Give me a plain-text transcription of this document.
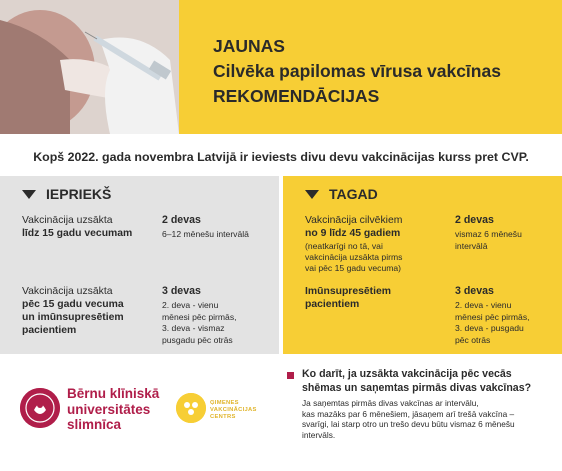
JAUNAS
Cilvēka papilomas vīrusa vakcīnas
REKOMENDĀCIJAS
Kopš 2022. gada novembra Latvijā ir ieviests divu devu vakcinācijas kurss pret CVP.
IEPRIEKŠ
Vakcinācija uzsākta
līdz 15 gadu vecumam
2 devas
6–12 mēnešu intervālā
Vakcinācija uzsākta
pēc 15 gadu vecuma
un imūnsupresētiem
pacientiem
3 devas
2. deva - vienu
mēnesi pēc pirmās,
3. deva - vismaz
pusgadu pēc otrās
TAGAD
Vakcinācija cilvēkiem
no 9 līdz 45 gadiem
(neatkarīgi no tā, vai
vakcinācija uzsākta pirms
vai pēc 15 gadu vecuma)
2 devas
vismaz 6 mēnešu
intervālā
Imūnsupresētiem
pacientiem
3 devas
2. deva - vienu
mēnesi pēc pirmās,
3. deva - pusgadu
pēc otrās
Bērnu klīniskā
universitātes
slimnīca
ĢIMENES
VAKCINĀCIJAS
CENTRS
Ko darīt, ja uzsākta vakcinācija pēc vecās
shēmas un saņemtas pirmās divas vakcīnas?
Ja saņemtas pirmās divas vakcīnas ar intervālu,
kas mazāks par 6 mēnešiem, jāsaņem arī trešā vakcīna –
svarīgi, lai starp otro un trešo devu būtu vismaz 6 mēnešu
intervāls.
